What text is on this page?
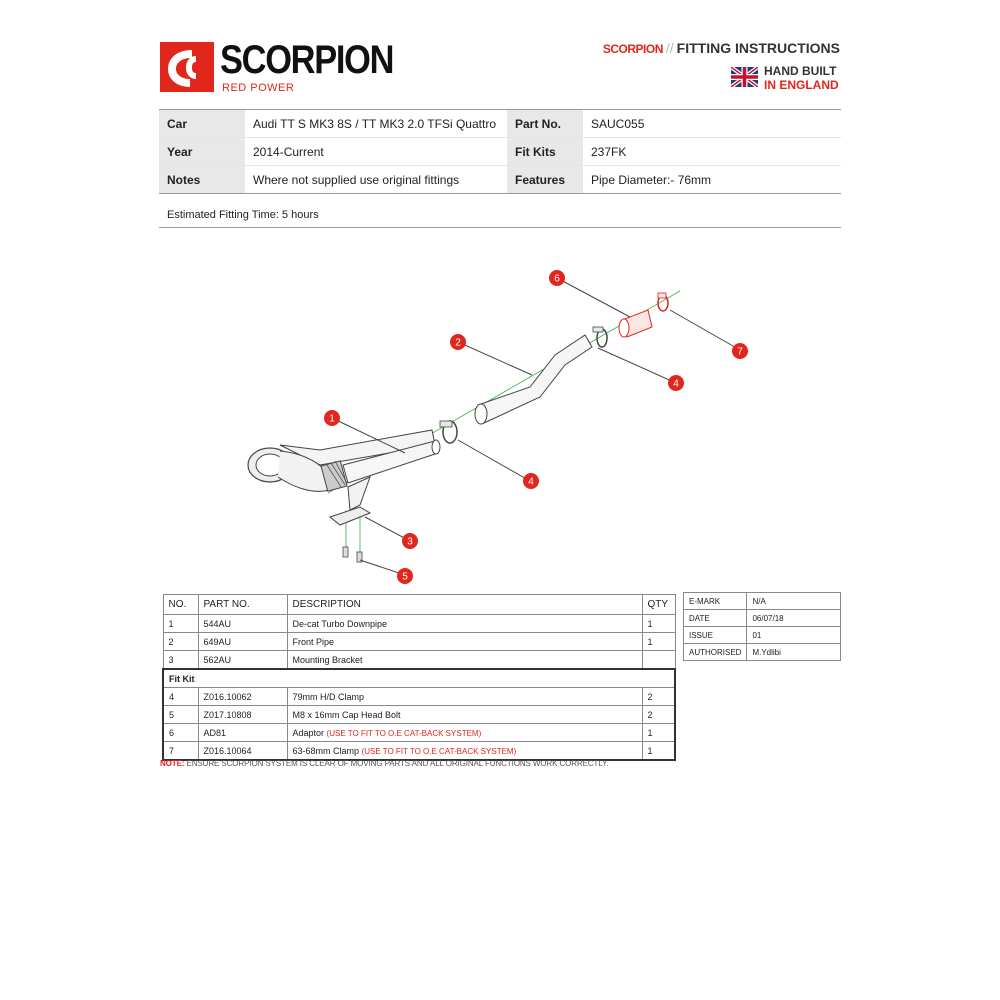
SCORPION
RED POWER
SCORPION // FITTING INSTRUCTIONS
HAND BUILT
IN ENGLAND
Car	Audi TT S MK3 8S / TT MK3 2.0 TFSi Quattro	Part No.	SAUC055
Year	2014-Current	Fit Kits	237FK
Notes	Where not supplied use original fittings	Features	Pipe Diameter:- 76mm
Estimated Fitting Time: 5 hours
1
2
3
4
4
5
6
7
NO.	PART NO.	DESCRIPTION	QTY
1	544AU	De-cat Turbo Downpipe	1
2	649AU	Front Pipe	1
3	562AU	Mounting Bracket	
Fit Kit			
4	Z016.10062	79mm H/D Clamp	2
5	Z017.10808	M8 x 16mm Cap Head Bolt	2
6	AD81	Adaptor (USE TO FIT TO O.E CAT-BACK SYSTEM)	1
7	Z016.10064	63-68mm Clamp (USE TO FIT TO O.E CAT-BACK SYSTEM)	1
NOTE: ENSURE SCORPION SYSTEM IS CLEAR OF MOVING PARTS AND ALL ORIGINAL FUNCTIONS WORK CORRECTLY.
E-MARK	N/A
DATE	06/07/18
ISSUE	01
AUTHORISED	M.Ydlibi
